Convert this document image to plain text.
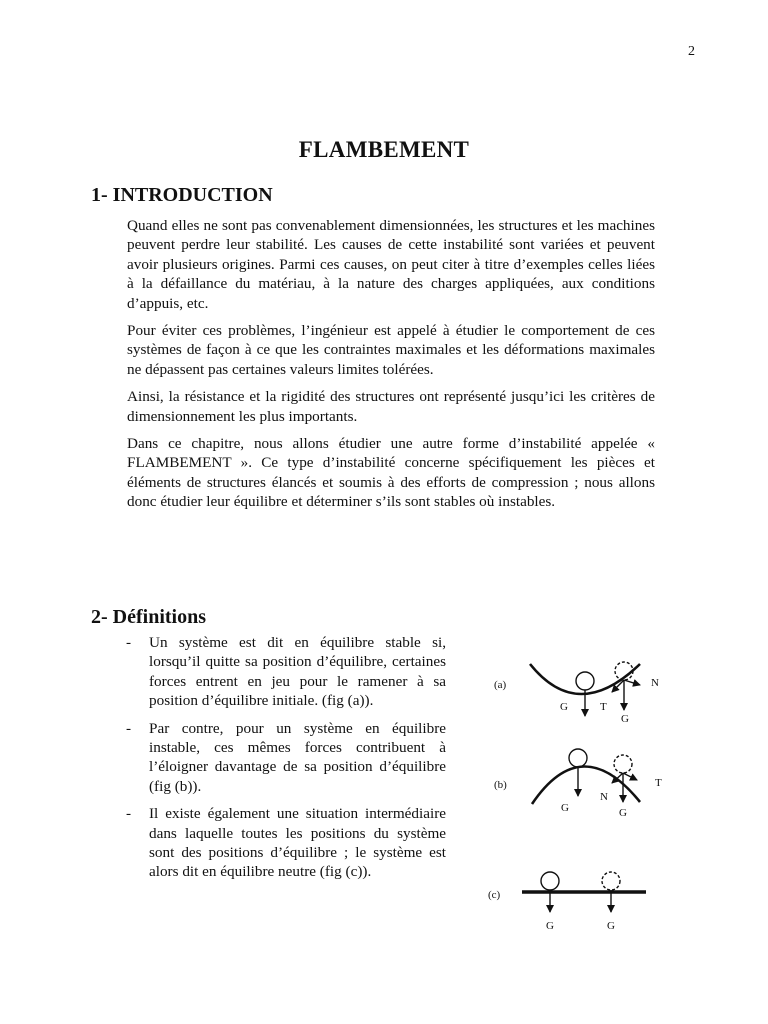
2
FLAMBEMENT
1- INTRODUCTION

Quand elles ne sont pas convenablement dimensionnées, les structures et les machines peuvent perdre leur stabilité. Les causes de cette instabilité sont variées et peuvent avoir plusieurs origines. Parmi ces causes, on peut citer à titre d’exemples celles liées à la défaillance du matériau, à la nature des charges appliquées, aux conditions d’appuis, etc.

Pour éviter ces problèmes, l’ingénieur est appelé à étudier le comportement de ces systèmes de façon à ce que les contraintes maximales et les déformations maximales ne dépassent pas certaines valeurs limites tolérées.

Ainsi, la résistance et la rigidité des structures ont représenté jusqu’ici les critères de dimensionnement les plus importants.

Dans ce chapitre, nous allons étudier une autre forme d’instabilité appelée « FLAMBEMENT ». Ce type d’instabilité concerne spécifiquement les pièces et éléments de structures élancés et soumis à des efforts de compression ; nous allons donc étudier leur équilibre et déterminer s’ils sont stables où instables.

2- Définitions
- Un système est dit en équilibre stable si, lorsqu’il quitte sa position d’équilibre, certaines forces entrent en jeu pour le ramener à sa position d’équilibre initiale. (fig (a)).
- Par contre, pour un système en équilibre instable, ces mêmes forces contribuent à l’éloigner davantage de sa position d’équilibre (fig (b)).
- Il existe également une situation intermédiaire dans laquelle toutes les positions du système sont des positions d’équilibre ; le système est alors dit en équilibre neutre (fig (c)).
(a)
G	T
G
N
(b)
G
N
G
T
(c)
G	G
